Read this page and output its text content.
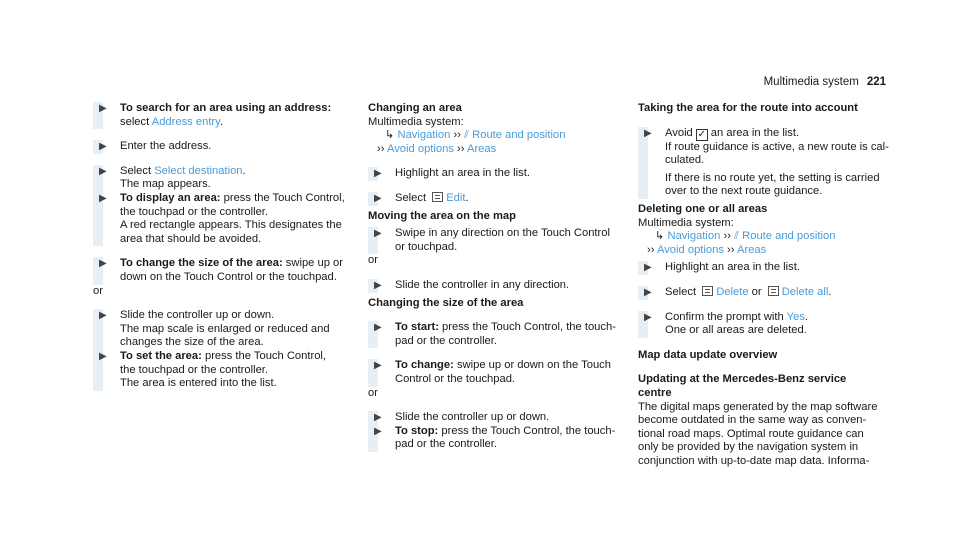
Multimedia system 221
▶ To search for an area using an address:
select Address entry.
▶ Enter the address.
▶ Select Select destination.
The map appears.
▶ To display an area: press the Touch Control,
the touchpad or the controller.
A red rectangle appears. This designates the
area that should be avoided.
▶ To change the size of the area: swipe up or
down on the Touch Control or the touchpad.
or
▶ Slide the controller up or down.
The map scale is enlarged or reduced and
changes the size of the area.
▶ To set the area: press the Touch Control,
the touchpad or the controller.
The area is entered into the list.
Changing an area
Multimedia system:
↳ Navigation ›› ⫽ Route and position
›› Avoid options ›› Areas
▶ Highlight an area in the list.
▶ Select Edit.
Moving the area on the map
▶ Swipe in any direction on the Touch Control
or touchpad.
or
▶ Slide the controller in any direction.
Changing the size of the area
▶ To start: press the Touch Control, the touch-
pad or the controller.
▶ To change: swipe up or down on the Touch
Control or the touchpad.
or
▶ Slide the controller up or down.
▶ To stop: press the Touch Control, the touch-
pad or the controller.
Taking the area for the route into account
▶ Avoid ✓ an area in the list.
If route guidance is active, a new route is cal-
culated.
If there is no route yet, the setting is carried
over to the next route guidance.
Deleting one or all areas
Multimedia system:
↳ Navigation ›› ⫽ Route and position
›› Avoid options ›› Areas
▶ Highlight an area in the list.
▶ Select Delete or Delete all.
▶ Confirm the prompt with Yes.
One or all areas are deleted.
Map data update overview
Updating at the Mercedes-Benz service
centre
The digital maps generated by the map software
become outdated in the same way as conven-
tional road maps. Optimal route guidance can
only be provided by the navigation system in
conjunction with up-to-date map data. Informa-
